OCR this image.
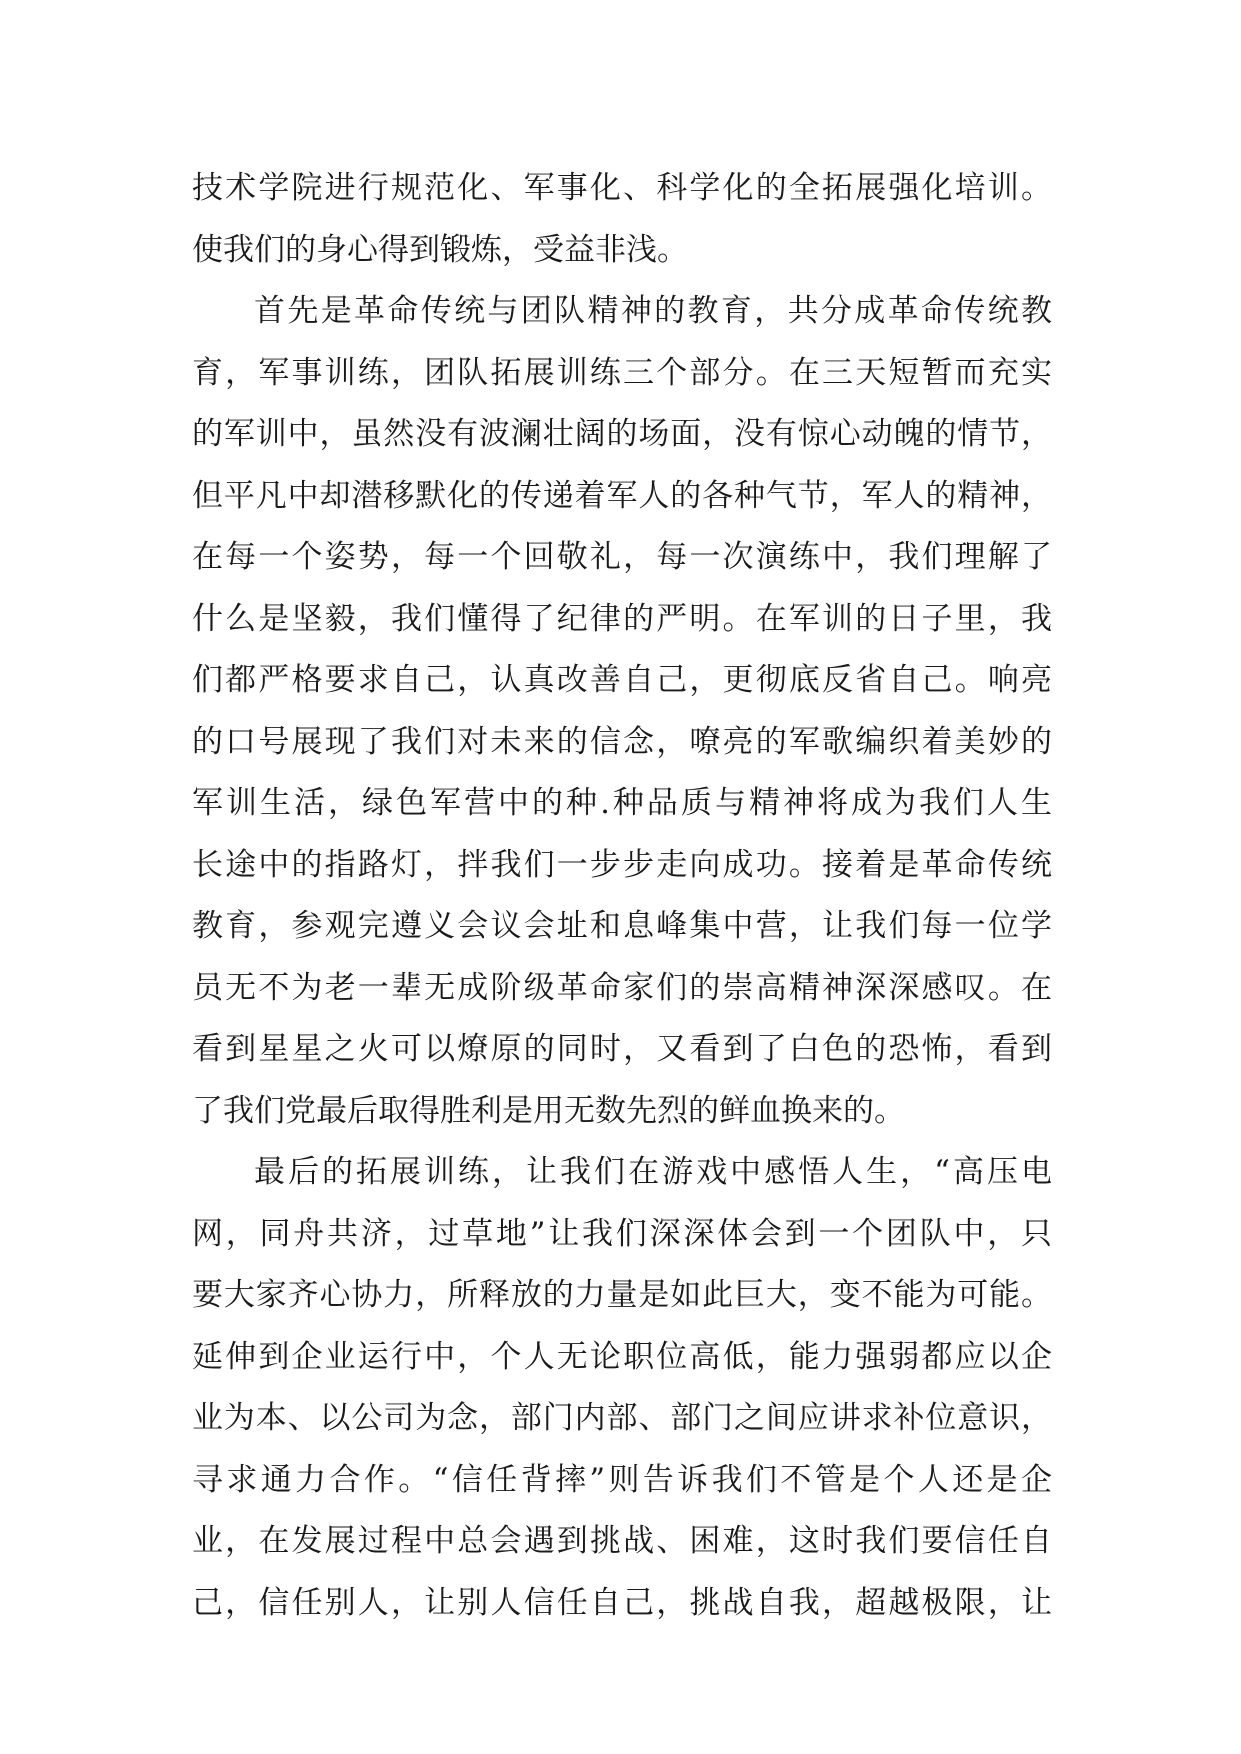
技术学院进行规范化、军事化、科学化的全拓展强化培训。
使我们的身心得到锻炼，受益非浅。
首先是革命传统与团队精神的教育，共分成革命传统教
育，军事训练，团队拓展训练三个部分。在三天短暂而充实
的军训中，虽然没有波澜壮阔的场面，没有惊心动魄的情节，
但平凡中却潜移默化的传递着军人的各种气节，军人的精神，
在每一个姿势，每一个回敬礼，每一次演练中，我们理解了
什么是坚毅，我们懂得了纪律的严明。在军训的日子里，我
们都严格要求自己，认真改善自己，更彻底反省自己。响亮
的口号展现了我们对未来的信念，嘹亮的军歌编织着美妙的
军训生活，绿色军营中的种.种品质与精神将成为我们人生
长途中的指路灯，拌我们一步步走向成功。接着是革命传统
教育，参观完遵义会议会址和息峰集中营，让我们每一位学
员无不为老一辈无成阶级革命家们的崇高精神深深感叹。在
看到星星之火可以燎原的同时，又看到了白色的恐怖，看到
了我们党最后取得胜利是用无数先烈的鲜血换来的。
最后的拓展训练，让我们在游戏中感悟人生，“高压电
网，同舟共济，过草地”让我们深深体会到一个团队中，只
要大家齐心协力，所释放的力量是如此巨大，变不能为可能。
延伸到企业运行中，个人无论职位高低，能力强弱都应以企
业为本、以公司为念，部门内部、部门之间应讲求补位意识，
寻求通力合作。“信任背摔”则告诉我们不管是个人还是企
业，在发展过程中总会遇到挑战、困难，这时我们要信任自
己，信任别人，让别人信任自己，挑战自我，超越极限，让
